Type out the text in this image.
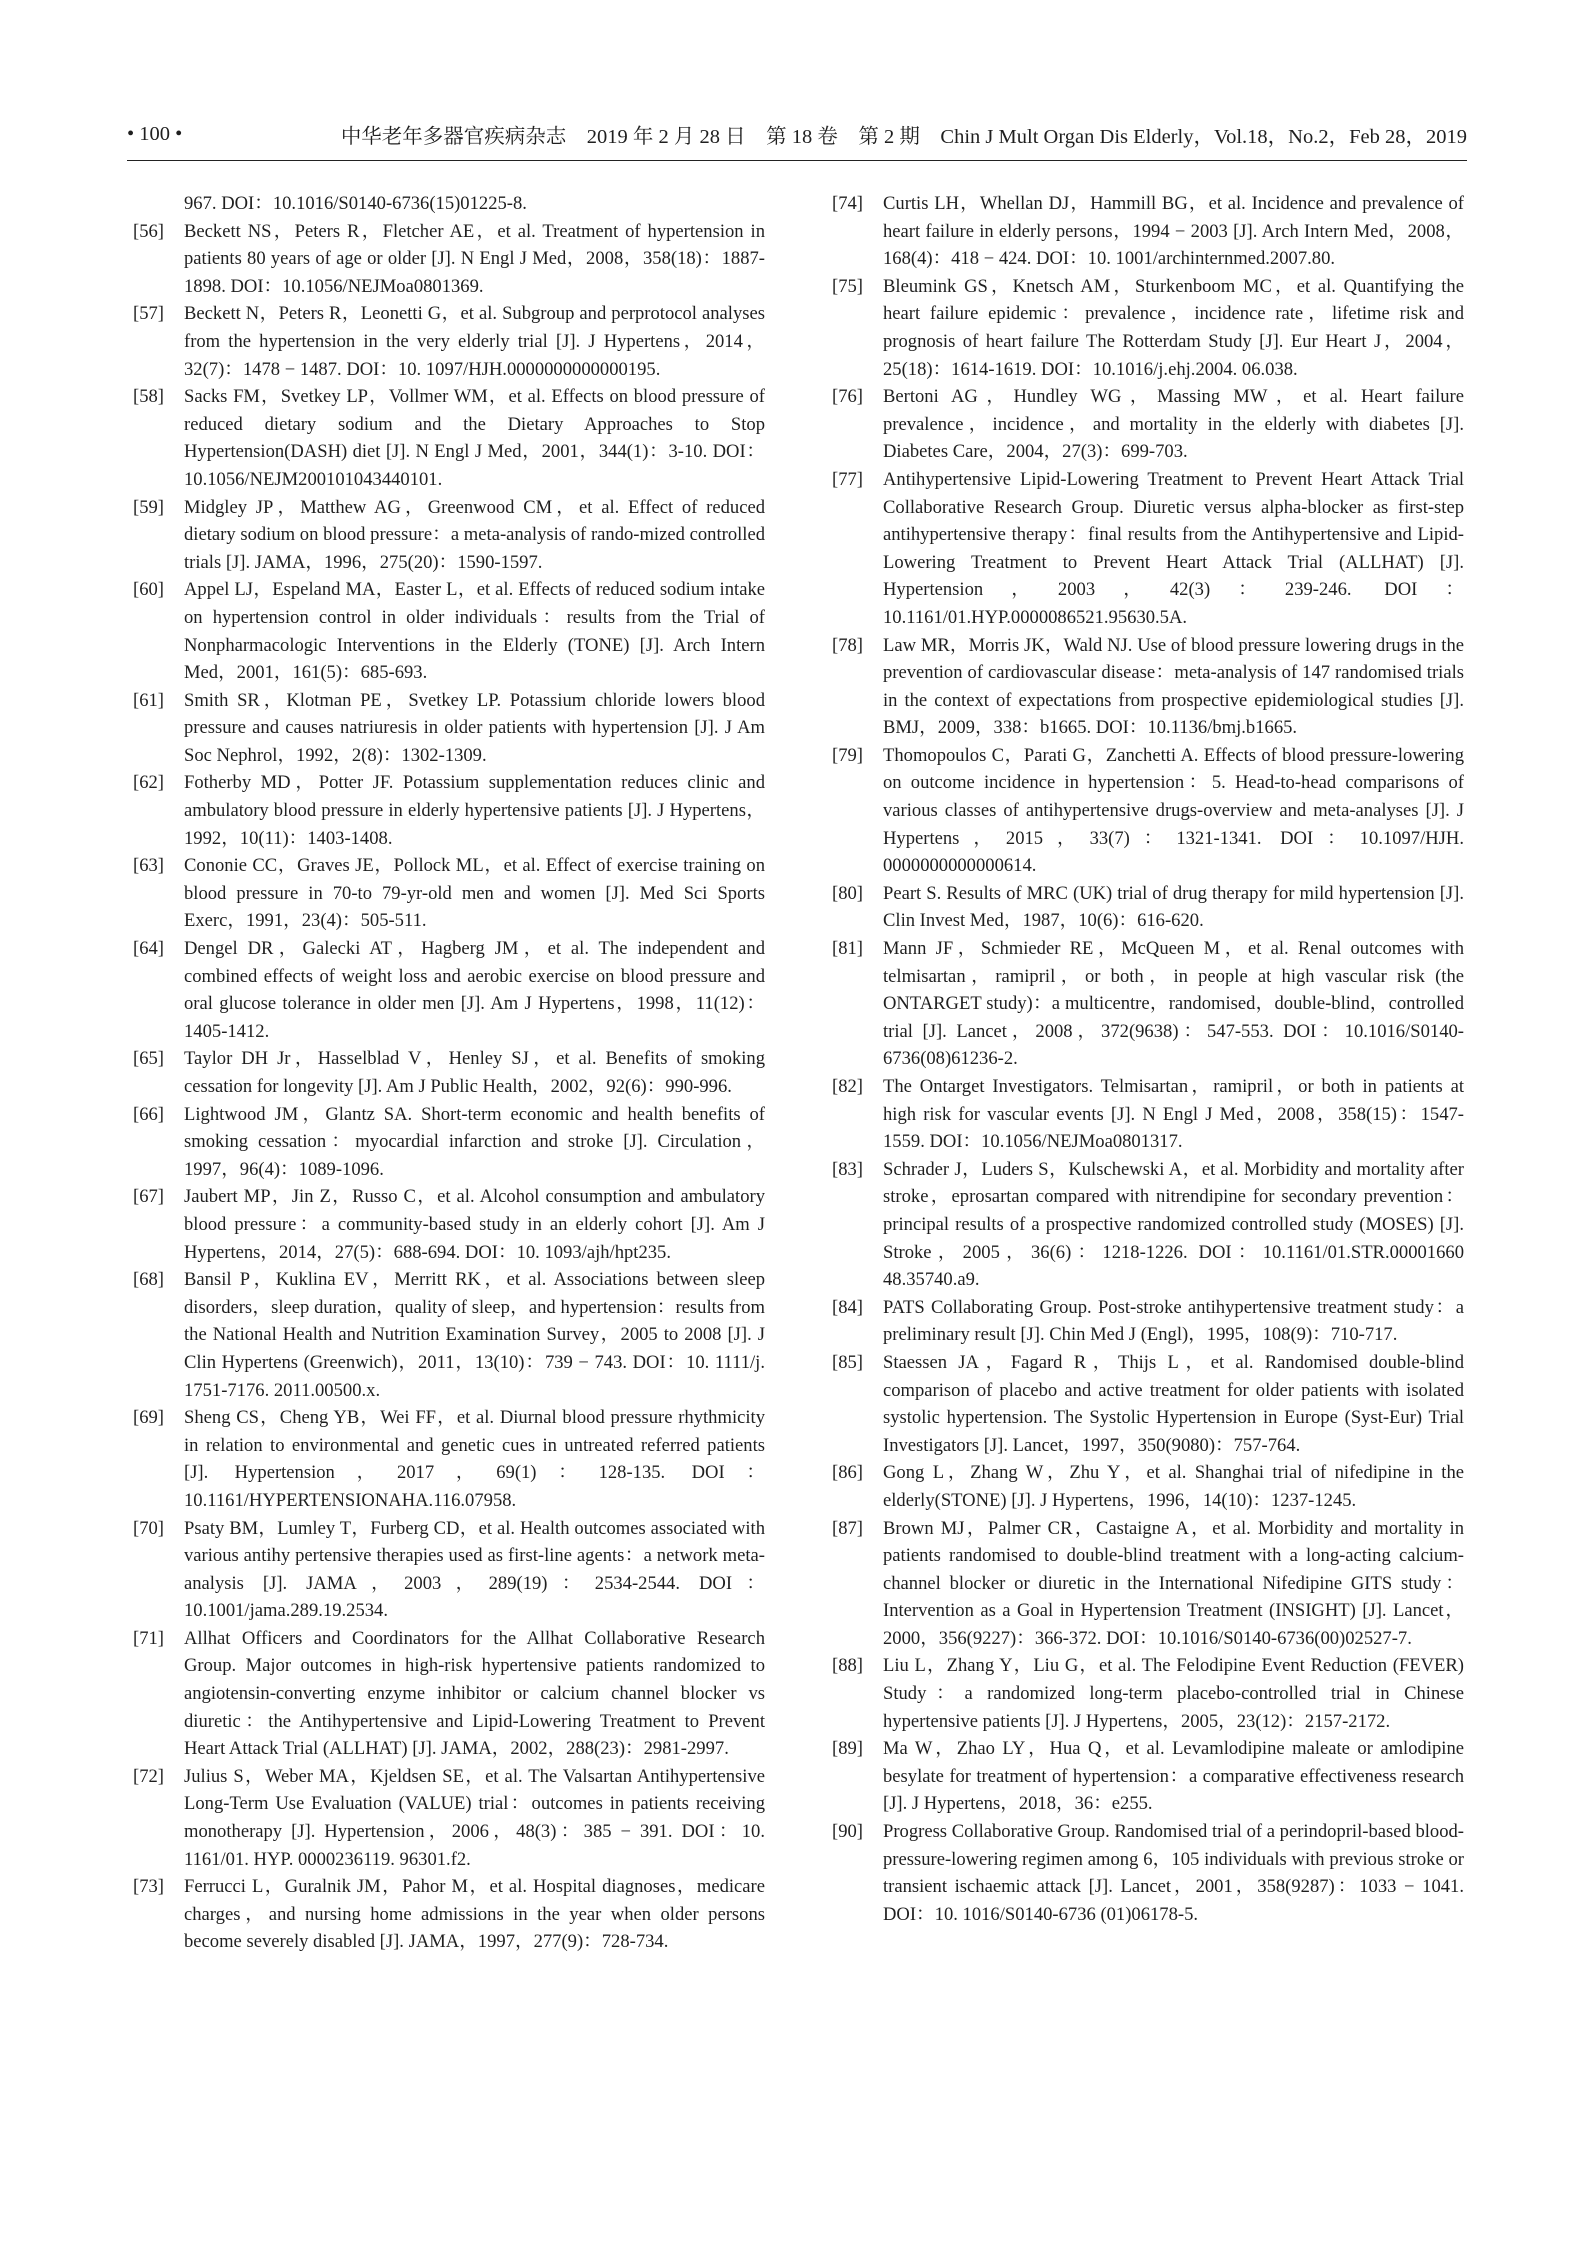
• 100 •	中华老年多器官疾病杂志　2019 年 2 月 28 日　第 18 卷　第 2 期　Chin J Mult Organ Dis Elderly，Vol.18，No.2，Feb 28，2019

967. DOI：10.1016/S0140-6736(15)01225-8.

[56] Beckett NS，Peters R，Fletcher AE，et al. Treatment of hypertension in patients 80 years of age or older [J]. N Engl J Med，2008，358(18)：1887-1898. DOI：10.1056/NEJMoa0801369.

[57] Beckett N，Peters R，Leonetti G，et al. Subgroup and perprotocol analyses from the hypertension in the very elderly trial [J]. J Hypertens，2014，32(7)：1478 − 1487. DOI：10. 1097/HJH.0000000000000195.

[58] Sacks FM，Svetkey LP，Vollmer WM，et al. Effects on blood pressure of reduced dietary sodium and the Dietary Approaches to Stop Hypertension(DASH) diet [J]. N Engl J Med，2001，344(1)：3-10. DOI：10.1056/NEJM200101043440101.

[59] Midgley JP，Matthew AG，Greenwood CM，et al. Effect of reduced dietary sodium on blood pressure：a meta-analysis of rando-mized controlled trials [J]. JAMA，1996，275(20)：1590-1597.

[60] Appel LJ，Espeland MA，Easter L，et al. Effects of reduced sodium intake on hypertension control in older individuals：results from the Trial of Nonpharmacologic Interventions in the Elderly (TONE) [J]. Arch Intern Med，2001，161(5)：685-693.

[61] Smith SR，Klotman PE，Svetkey LP. Potassium chloride lowers blood pressure and causes natriuresis in older patients with hypertension [J]. J Am Soc Nephrol，1992，2(8)：1302-1309.

[62] Fotherby MD，Potter JF. Potassium supplementation reduces clinic and ambulatory blood pressure in elderly hypertensive patients [J]. J Hypertens，1992，10(11)：1403-1408.

[63] Cononie CC，Graves JE，Pollock ML，et al. Effect of exercise training on blood pressure in 70-to 79-yr-old men and women [J]. Med Sci Sports Exerc，1991，23(4)：505-511.

[64] Dengel DR，Galecki AT，Hagberg JM，et al. The independent and combined effects of weight loss and aerobic exercise on blood pressure and oral glucose tolerance in older men [J]. Am J Hypertens，1998，11(12)：1405-1412.

[65] Taylor DH Jr，Hasselblad V，Henley SJ，et al. Benefits of smoking cessation for longevity [J]. Am J Public Health，2002，92(6)：990-996.

[66] Lightwood JM，Glantz SA. Short-term economic and health benefits of smoking cessation：myocardial infarction and stroke [J]. Circulation，1997，96(4)：1089-1096.

[67] Jaubert MP，Jin Z，Russo C，et al. Alcohol consumption and ambulatory blood pressure：a community-based study in an elderly cohort [J]. Am J Hypertens，2014，27(5)：688-694. DOI：10. 1093/ajh/hpt235.

[68] Bansil P，Kuklina EV，Merritt RK，et al. Associations between sleep disorders，sleep duration，quality of sleep，and hypertension：results from the National Health and Nutrition Examination Survey，2005 to 2008 [J]. J Clin Hypertens (Greenwich)，2011，13(10)：739 − 743. DOI：10. 1111/j. 1751-7176. 2011.00500.x.

[69] Sheng CS，Cheng YB，Wei FF，et al. Diurnal blood pressure rhythmicity in relation to environmental and genetic cues in untreated referred patients [J]. Hypertension，2017，69(1)：128-135. DOI：10.1161/HYPERTENSIONAHA.116.07958.

[70] Psaty BM，Lumley T，Furberg CD，et al. Health outcomes associated with various antihy pertensive therapies used as first-line agents：a network meta-analysis [J]. JAMA，2003，289(19)：2534-2544. DOI：10.1001/jama.289.19.2534.

[71] Allhat Officers and Coordinators for the Allhat Collaborative Research Group. Major outcomes in high-risk hypertensive patients randomized to angiotensin-converting enzyme inhibitor or calcium channel blocker vs diuretic：the Antihypertensive and Lipid-Lowering Treatment to Prevent Heart Attack Trial (ALLHAT) [J]. JAMA，2002，288(23)：2981-2997.

[72] Julius S，Weber MA，Kjeldsen SE，et al. The Valsartan Antihypertensive Long-Term Use Evaluation (VALUE) trial：outcomes in patients receiving monotherapy [J]. Hypertension，2006，48(3)：385 − 391. DOI：10. 1161/01. HYP. 0000236119. 96301.f2.

[73] Ferrucci L，Guralnik JM，Pahor M，et al. Hospital diagnoses，medicare charges，and nursing home admissions in the year when older persons become severely disabled [J]. JAMA，1997，277(9)：728-734.

[74] Curtis LH，Whellan DJ，Hammill BG，et al. Incidence and prevalence of heart failure in elderly persons，1994 − 2003 [J]. Arch Intern Med，2008，168(4)：418 − 424. DOI：10. 1001/archinternmed.2007.80.

[75] Bleumink GS，Knetsch AM，Sturkenboom MC，et al. Quantifying the heart failure epidemic：prevalence，incidence rate，lifetime risk and prognosis of heart failure The Rotterdam Study [J]. Eur Heart J，2004，25(18)：1614-1619. DOI：10.1016/j.ehj.2004. 06.038.

[76] Bertoni AG，Hundley WG，Massing MW，et al. Heart failure prevalence，incidence，and mortality in the elderly with diabetes [J]. Diabetes Care，2004，27(3)：699-703.

[77] Antihypertensive Lipid-Lowering Treatment to Prevent Heart Attack Trial Collaborative Research Group. Diuretic versus alpha-blocker as first-step antihypertensive therapy：final results from the Antihypertensive and Lipid-Lowering Treatment to Prevent Heart Attack Trial (ALLHAT) [J]. Hypertension，2003，42(3)：239-246. DOI：10.1161/01.HYP.0000086521.95630.5A.

[78] Law MR，Morris JK，Wald NJ. Use of blood pressure lowering drugs in the prevention of cardiovascular disease：meta-analysis of 147 randomised trials in the context of expectations from prospective epidemiological studies [J]. BMJ，2009，338：b1665. DOI：10.1136/bmj.b1665.

[79] Thomopoulos C，Parati G，Zanchetti A. Effects of blood pressure-lowering on outcome incidence in hypertension：5. Head-to-head comparisons of various classes of antihypertensive drugs-overview and meta-analyses [J]. J Hypertens，2015，33(7)：1321-1341. DOI：10.1097/HJH. 0000000000000614.

[80] Peart S. Results of MRC (UK) trial of drug therapy for mild hypertension [J]. Clin Invest Med，1987，10(6)：616-620.

[81] Mann JF，Schmieder RE，McQueen M，et al. Renal outcomes with telmisartan，ramipril，or both，in people at high vascular risk (the ONTARGET study)：a multicentre，randomised，double-blind，controlled trial [J]. Lancet，2008，372(9638)：547-553. DOI：10.1016/S0140-6736(08)61236-2.

[82] The Ontarget Investigators. Telmisartan，ramipril，or both in patients at high risk for vascular events [J]. N Engl J Med，2008，358(15)：1547-1559. DOI：10.1056/NEJMoa0801317.

[83] Schrader J，Luders S，Kulschewski A，et al. Morbidity and mortality after stroke，eprosartan compared with nitrendipine for secondary prevention：principal results of a prospective randomized controlled study (MOSES) [J]. Stroke，2005，36(6)：1218-1226. DOI：10.1161/01.STR.00001660 48.35740.a9.

[84] PATS Collaborating Group. Post-stroke antihypertensive treatment study：a preliminary result [J]. Chin Med J (Engl)，1995，108(9)：710-717.

[85] Staessen JA，Fagard R，Thijs L，et al. Randomised double-blind comparison of placebo and active treatment for older patients with isolated systolic hypertension. The Systolic Hypertension in Europe (Syst-Eur) Trial Investigators [J]. Lancet，1997，350(9080)：757-764.

[86] Gong L，Zhang W，Zhu Y，et al. Shanghai trial of nifedipine in the elderly(STONE) [J]. J Hypertens，1996，14(10)：1237-1245.

[87] Brown MJ，Palmer CR，Castaigne A，et al. Morbidity and mortality in patients randomised to double-blind treatment with a long-acting calcium-channel blocker or diuretic in the International Nifedipine GITS study：Intervention as a Goal in Hypertension Treatment (INSIGHT) [J]. Lancet，2000，356(9227)：366-372. DOI：10.1016/S0140-6736(00)02527-7.

[88] Liu L，Zhang Y，Liu G，et al. The Felodipine Event Reduction (FEVER) Study：a randomized long-term placebo-controlled trial in Chinese hypertensive patients [J]. J Hypertens，2005，23(12)：2157-2172.

[89] Ma W，Zhao LY，Hua Q，et al. Levamlodipine maleate or amlodipine besylate for treatment of hypertension：a comparative effectiveness research [J]. J Hypertens，2018，36：e255.

[90] Progress Collaborative Group. Randomised trial of a perindopril-based blood-pressure-lowering regimen among 6，105 individuals with previous stroke or transient ischaemic attack [J]. Lancet，2001，358(9287)：1033 − 1041. DOI：10. 1016/S0140-6736 (01)06178-5.
